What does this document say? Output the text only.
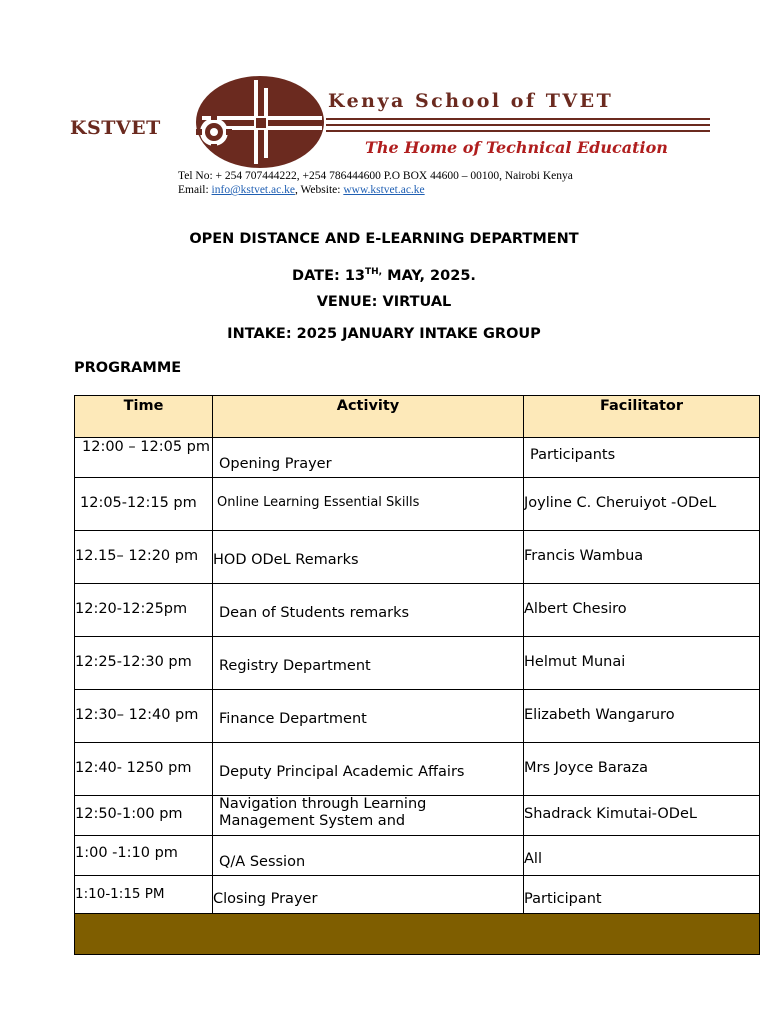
KSTVET
Kenya School of TVET
The Home of Technical Education
Tel No: + 254 707444222, +254 786444600 P.O BOX 44600 – 00100, Nairobi Kenya
Email: info@kstvet.ac.ke, Website: www.kstvet.ac.ke
OPEN DISTANCE AND E-LEARNING DEPARTMENT
DATE: $13^{TH,}$ MAY, 2025.
VENUE: VIRTUAL
INTAKE: 2025 JANUARY INTAKE GROUP
PROGRAMME
Time	Activity	Facilitator

12:00 – 12:05 pm	Opening Prayer	Participants

12:05-12:15 pm	Online Learning Essential Skills	Joyline C. Cheruiyot -ODeL

12.15– 12:20 pm	HOD ODeL Remarks	Francis Wambua

12:20-12:25pm	Dean of Students remarks	Albert Chesiro

12:25-12:30 pm	Registry Department	Helmut Munai

12:30– 12:40 pm	Finance Department	Elizabeth Wangaruro

12:40- 1250 pm	Deputy Principal Academic Affairs	Mrs Joyce Baraza

12:50-1:00 pm	Navigation through Learning Management System and	Shadrack Kimutai-ODeL

1:00 -1:10 pm	Q/A Session	All

1:10-1:15 PM	Closing Prayer	Participant
